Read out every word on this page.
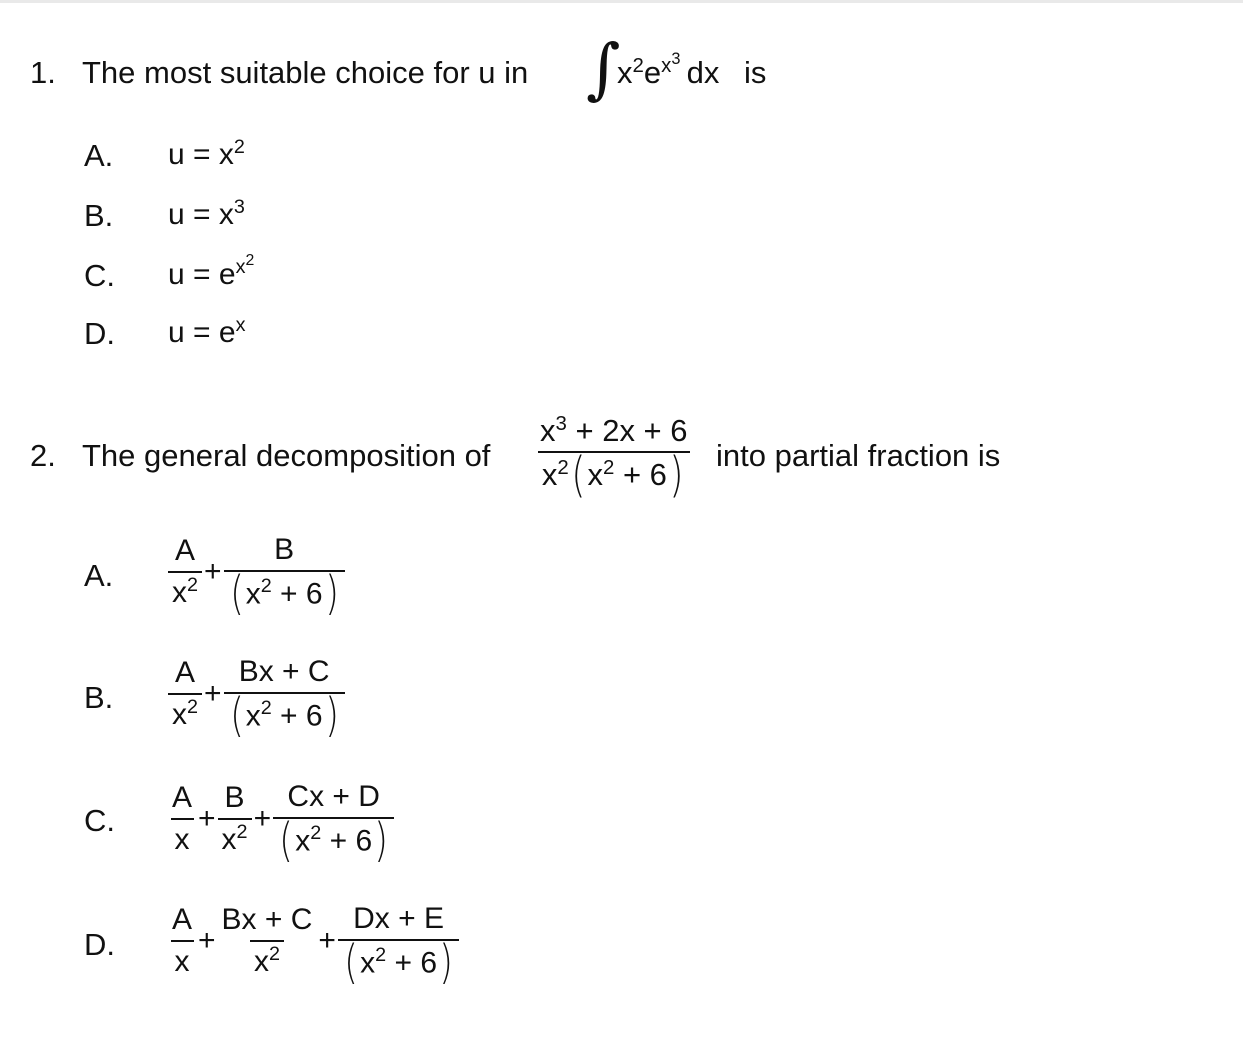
1. The most suitable choice for u in ∫
$x^2e^{x^3}$  dx is
A. $u = x^2$
B. $u = x^3$
C. $u = e^{x^2}$
D. $u = e^x$
2. The general decomposition of $\frac{x^3 + 2x + 6}{x^2(x^2 + 6)}$ into partial fraction is
A. $\frac{A}{x^2} + \frac{B}{(x^2 + 6)}$
B. $\frac{A}{x^2} + \frac{Bx + C}{(x^2 + 6)}$
C. $\frac{A}{x} + \frac{B}{x^2} + \frac{Cx + D}{(x^2 + 6)}$
D. $\frac{A}{x} + \frac{Bx + C}{x^2} + \frac{Dx + E}{(x^2 + 6)}$
